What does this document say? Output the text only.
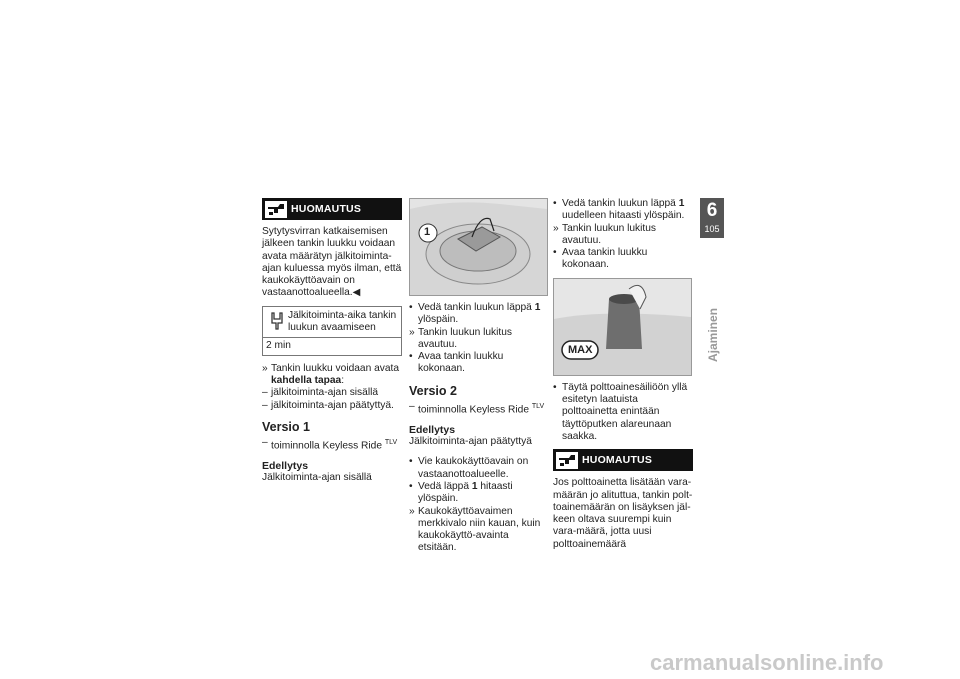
HUOMAUTUS

Sytytysvirran katkaisemisen jälkeen tankin luukku voidaan avata määrätyn jälkitoiminta-ajan kuluessa myös ilman, että kaukokäyttöavain on vastaanottoalueella.◀

Jälkitoiminta-aika tankin luukun avaamiseen
2 min
» Tankin luukku voidaan avata
kahdella tapaa:
– jälkitoiminta-ajan sisällä
– jälkitoiminta-ajan päätyttyä.
Versio 1
– toiminnolla Keyless Ride $^{TLV}$
Edellytys

Jälkitoiminta-ajan sisällä

1
• Vedä tankin luukun läppä 1 ylöspäin.
» Tankin luukun lukitus avautuu.
• Avaa tankin luukku kokonaan.
Versio 2
– toiminnolla Keyless Ride $^{TLV}$
Edellytys

Jälkitoiminta-ajan päätyttyä

• Vie kaukokäyttöavain on vastaanottoalueelle.
• Vedä läppä 1 hitaasti ylöspäin.
» Kaukokäyttöavaimen merkkivalo niin kauan, kuin kaukokäyttö-avainta etsitään.
• Vedä tankin luukun läppä 1 uudelleen hitaasti ylöspäin.
» Tankin luukun lukitus avautuu.
• Avaa tankin luukku kokonaan.
MAX
• Täytä polttoainesäiliöön yllä esitetyn laatuista polttoainetta enintään täyttöputken alareunaan saakka.
HUOMAUTUS

Jos polttoainetta lisätään vara-määrän jo alituttua, tankin polt-toainemäärän on lisäyksen jäl-keen oltava suurempi kuin vara-määrä, jotta uusi polttoainemäärä

6
105
Ajaminen
carmanualsonline.info
